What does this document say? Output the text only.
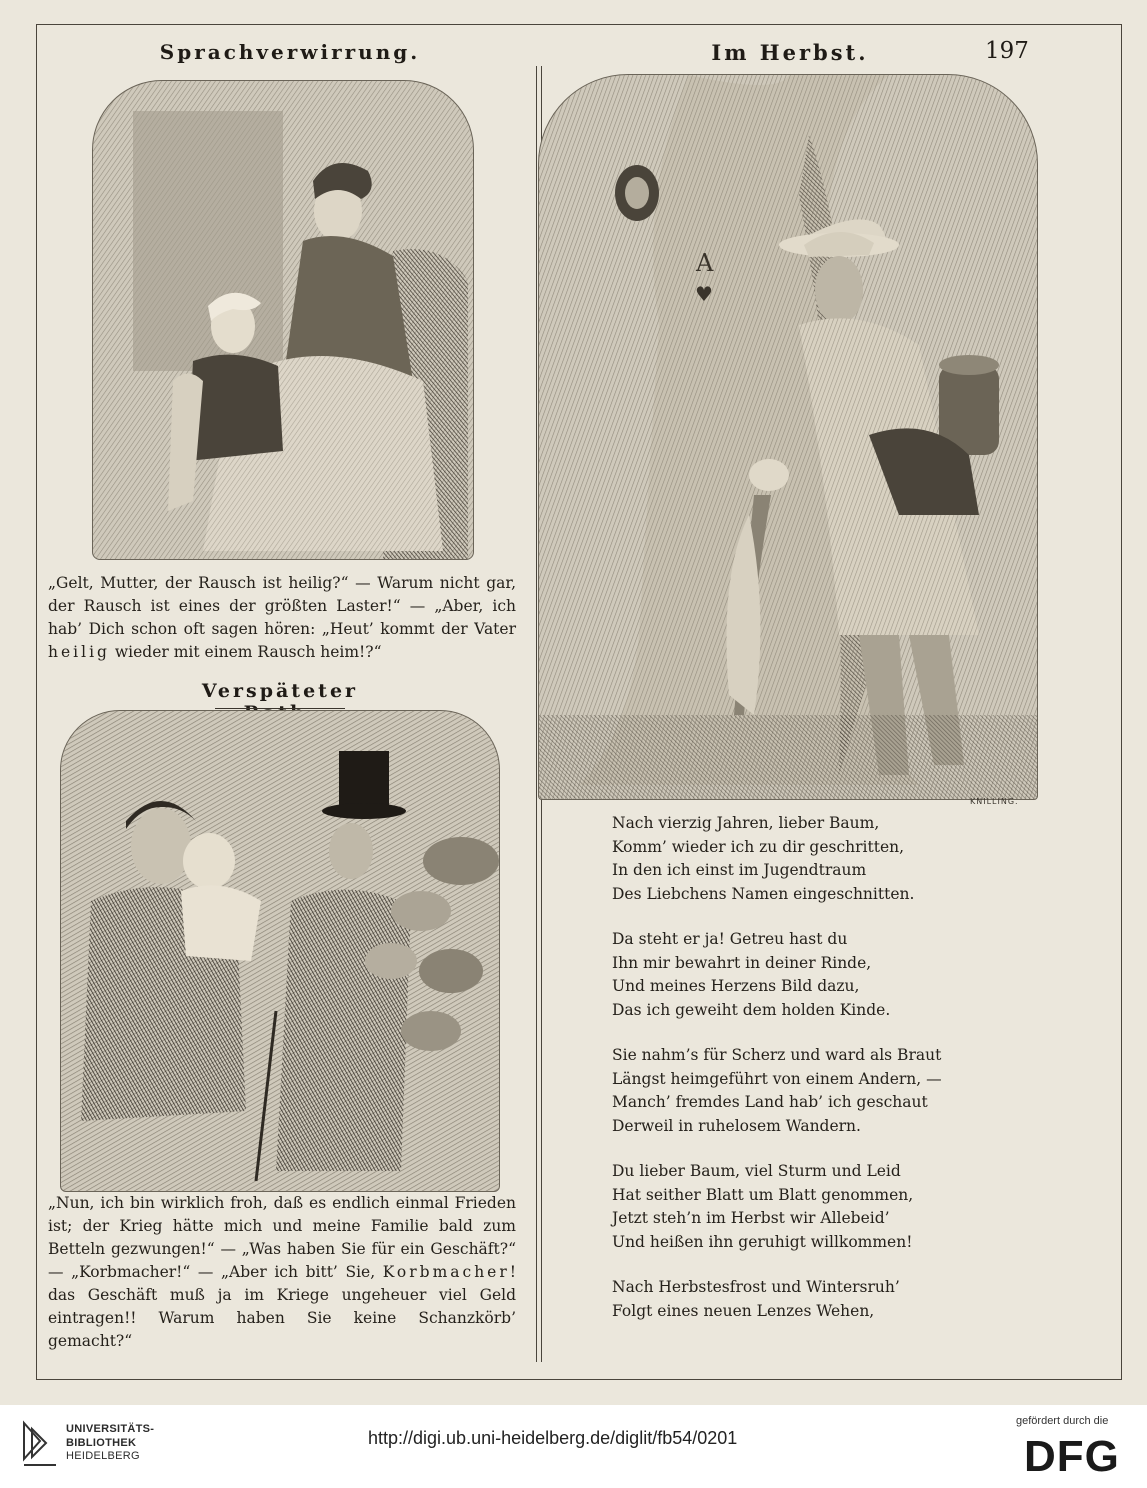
Sprachverwirrung.	Im Herbst.	197
„Gelt, Mutter, der Rausch ist heilig?“ — Warum nicht gar, der Rausch ist eines der größten Laster!“ — „Aber, ich hab’ Dich schon oft sagen hören: „Heut’ kommt der Vater heilig wieder mit einem Rausch heim!?“
Verspäteter
„Nun, ich bin wirklich froh, daß es endlich einmal Frieden ist; der Krieg hätte mich und meine Familie bald zum Betteln gezwungen!“ — „Was haben Sie für ein Geschäft?“ — „Korbmacher!“ — „Aber ich bitt’ Sie, Korbmacher! das Geschäft muß ja im Kriege ungeheuer viel Geld eintragen!! Warum haben Sie keine Schanzkörb’ gemacht?“
A
♥
KNILLING.
Nach vierzig Jahren, lieber Baum,
Komm’ wieder ich zu dir geschritten,
In den ich einst im Jugendtraum
Des Liebchens Namen eingeschnitten.
Da steht er ja! Getreu hast du
Ihn mir bewahrt in deiner Rinde,
Und meines Herzens Bild dazu,
Das ich geweiht dem holden Kinde.
Sie nahm’s für Scherz und ward als Braut
Längst heimgeführt von einem Andern, —
Manch’ fremdes Land hab’ ich geschaut
Derweil in ruhelosem Wandern.
Du lieber Baum, viel Sturm und Leid
Hat seither Blatt um Blatt genommen,
Jetzt steh’n im Herbst wir Allebeid’
Und heißen ihn geruhigt willkommen!
Nach Herbstesfrost und Wintersruh’
Folgt eines neuen Lenzes Wehen,
UNIVERSITÄTS-
BIBLIOTHEK
HEIDELBERG
http://digi.ub.uni-heidelberg.de/diglit/fb54/0201
gefördert durch die
DFG
